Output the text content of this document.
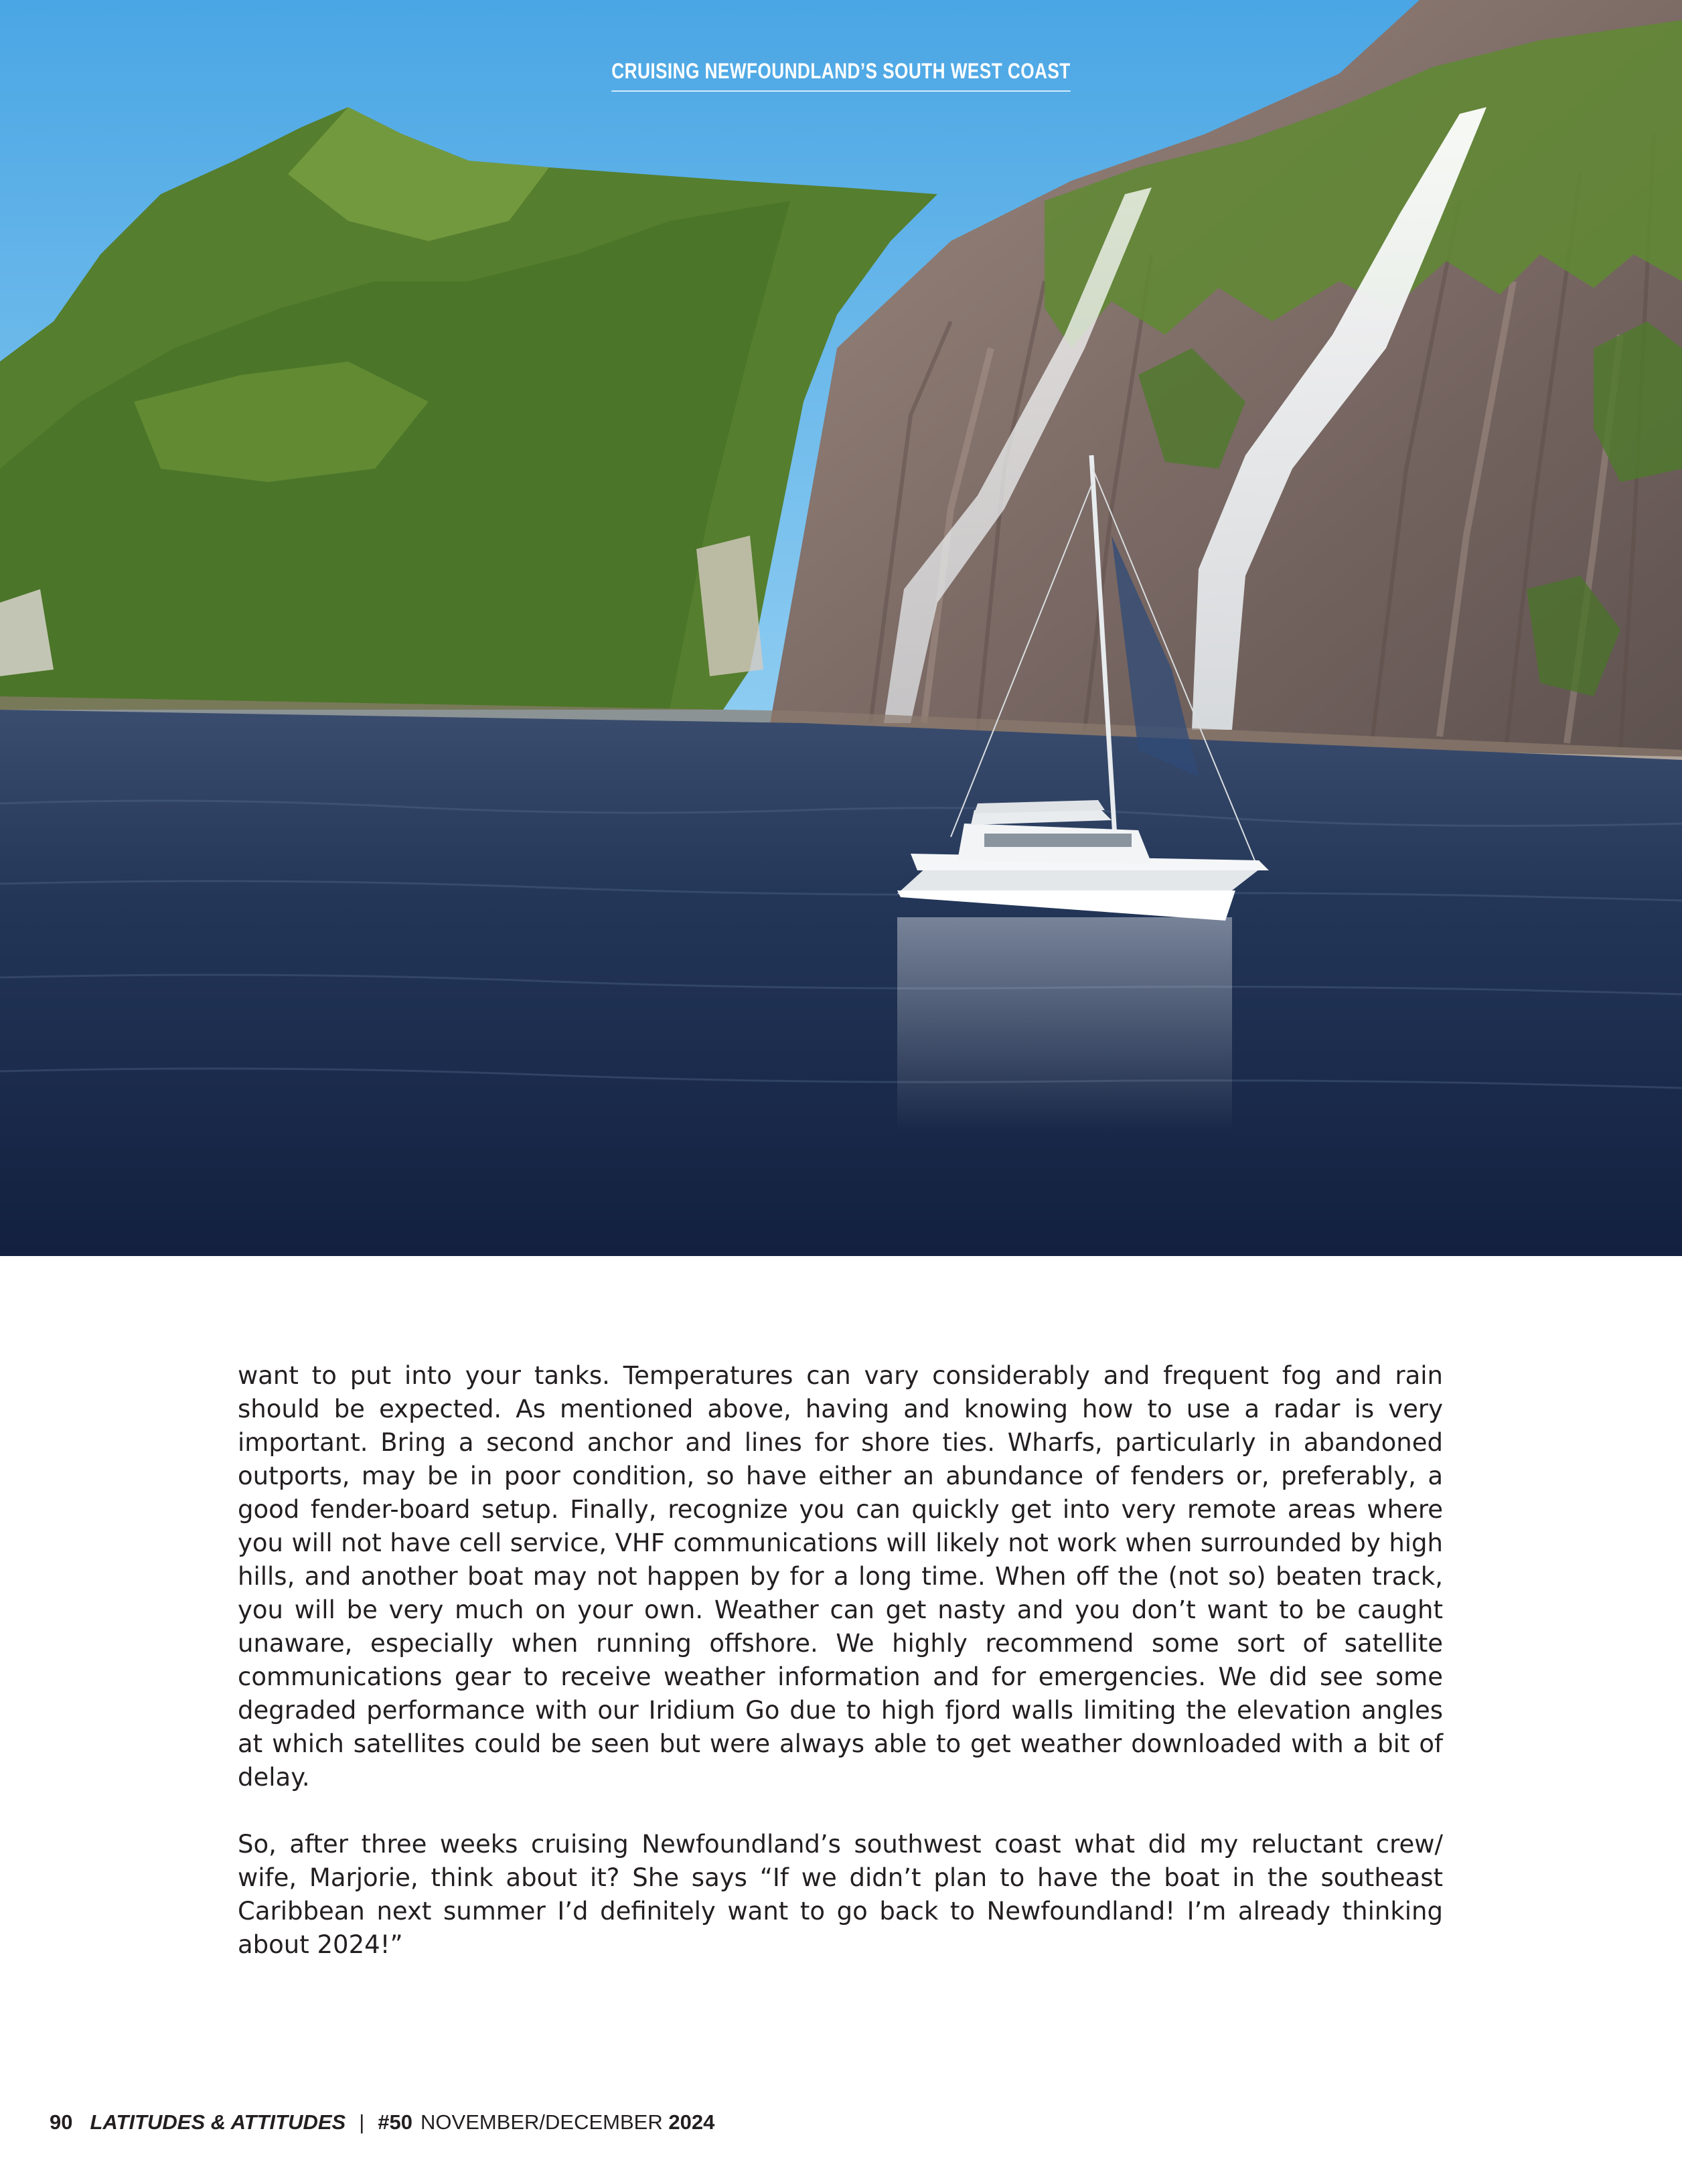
CRUISING NEWFOUNDLAND’S SOUTH WEST COAST

want to put into your tanks. Temperatures can vary considerably and frequent fog and rain should be expected. As mentioned above, having and knowing how to use a radar is very important. Bring a second anchor and lines for shore ties. Wharfs, particularly in abandoned outports, may be in poor condition, so have either an abundance of fenders or, preferably, a good fender-board setup. Finally, recognize you can quickly get into very remote areas where you will not have cell service, VHF communications will likely not work when surrounded by high hills, and another boat may not happen by for a long time. When off the (not so) beaten track, you will be very much on your own. Weather can get nasty and you don’t want to be caught unaware, especially when running offshore. We highly recommend some sort of satellite communications gear to receive weather information and for emergencies. We did see some degraded performance with our Iridium Go due to high fjord walls limiting the elevation angles at which satellites could be seen but were always able to get weather downloaded with a bit of delay.

So, after three weeks cruising Newfoundland’s southwest coast what did my reluctant crew/ wife, Marjorie, think about it? She says “If we didn’t plan to have the boat in the southeast Caribbean next summer I’d definitely want to go back to Newfoundland! I’m already thinking about 2024!”

90 LATITUDES & ATTITUDES | #50 NOVEMBER/DECEMBER 2024
